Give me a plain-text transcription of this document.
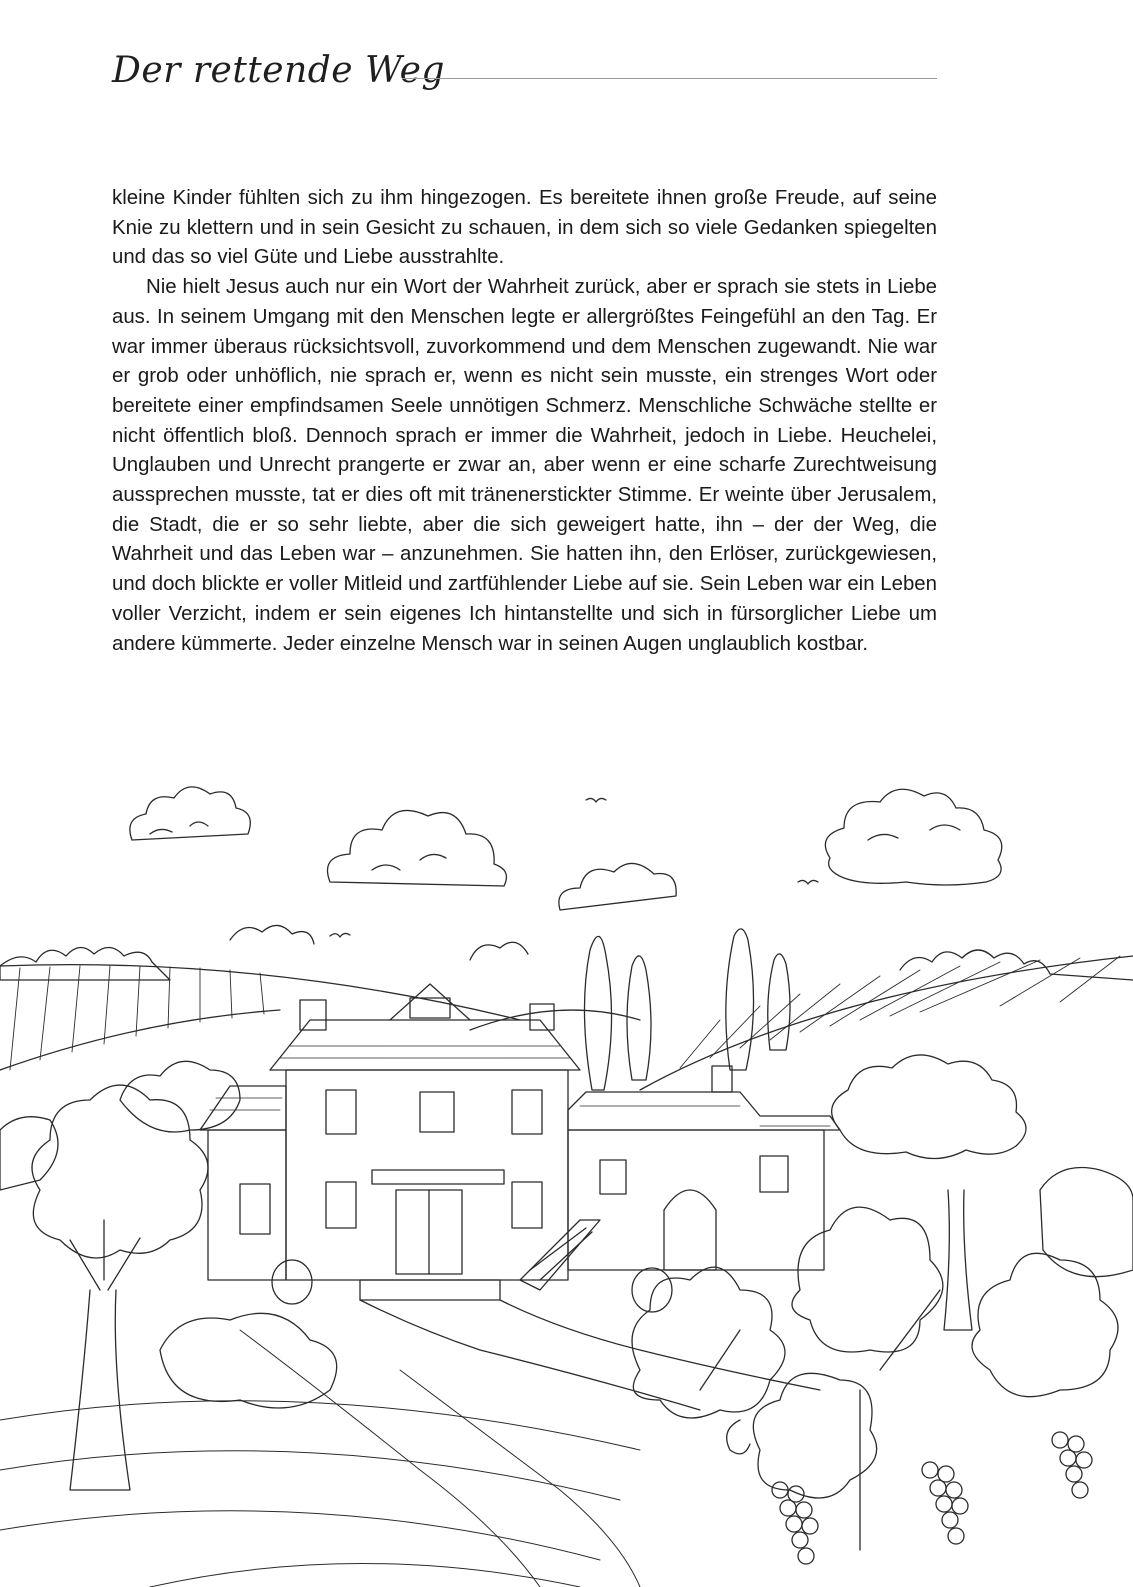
Der rettende Weg

kleine Kinder fühlten sich zu ihm hingezogen. Es bereitete ihnen große Freude, auf seine Knie zu klettern und in sein Gesicht zu schauen, in dem sich so viele Gedanken spiegelten und das so viel Güte und Liebe ausstrahlte.

Nie hielt Jesus auch nur ein Wort der Wahrheit zurück, aber er sprach sie stets in Liebe aus. In seinem Umgang mit den Menschen legte er allergrößtes Feingefühl an den Tag. Er war immer überaus rücksichtsvoll, zuvorkommend und dem Menschen zugewandt. Nie war er grob oder unhöflich, nie sprach er, wenn es nicht sein musste, ein strenges Wort oder bereitete einer empfindsamen Seele unnötigen Schmerz. Menschliche Schwäche stellte er nicht öffentlich bloß. Dennoch sprach er immer die Wahrheit, jedoch in Liebe. Heuchelei, Unglauben und Unrecht prangerte er zwar an, aber wenn er eine scharfe Zurechtweisung aussprechen musste, tat er dies oft mit tränenerstickter Stimme. Er weinte über Jerusalem, die Stadt, die er so sehr liebte, aber die sich geweigert hatte, ihn – der der Weg, die Wahrheit und das Leben war – anzunehmen. Sie hatten ihn, den Erlöser, zurückgewiesen, und doch blickte er voller Mitleid und zartfühlender Liebe auf sie. Sein Leben war ein Leben voller Verzicht, indem er sein eigenes Ich hintanstellte und sich in fürsorglicher Liebe um andere kümmerte. Jeder einzelne Mensch war in seinen Augen unglaublich kostbar.
